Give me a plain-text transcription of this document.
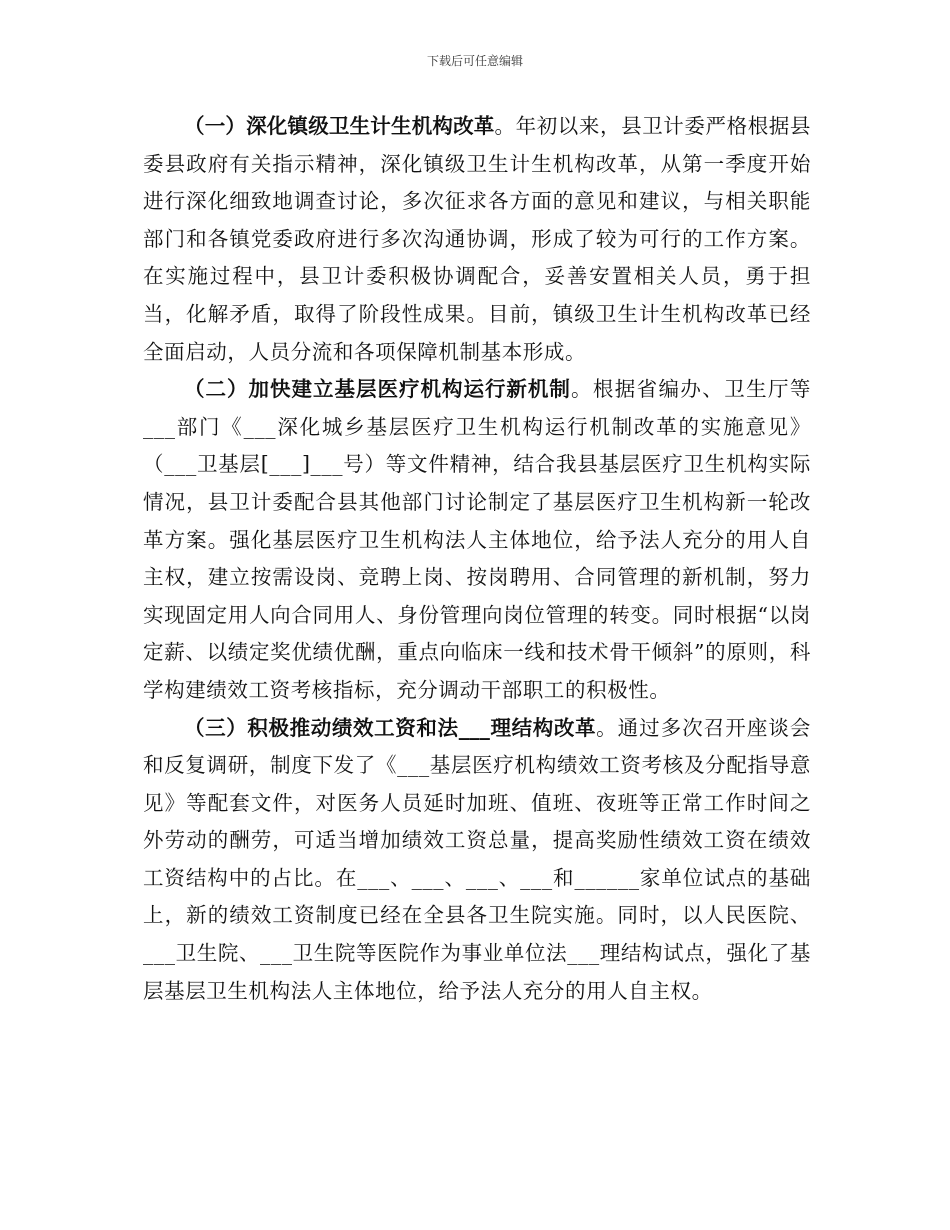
下载后可任意编辑

（一）深化镇级卫生计生机构改革。年初以来，县卫计委严格根据县委县政府有关指示精神，深化镇级卫生计生机构改革，从第一季度开始进行深化细致地调查讨论，多次征求各方面的意见和建议，与相关职能部门和各镇党委政府进行多次沟通协调，形成了较为可行的工作方案。在实施过程中，县卫计委积极协调配合，妥善安置相关人员，勇于担当，化解矛盾，取得了阶段性成果。目前，镇级卫生计生机构改革已经全面启动，人员分流和各项保障机制基本形成。

（二）加快建立基层医疗机构运行新机制。根据省编办、卫生厅等___部门《___深化城乡基层医疗卫生机构运行机制改革的实施意见》（___卫基层[___]___号）等文件精神，结合我县基层医疗卫生机构实际情况，县卫计委配合县其他部门讨论制定了基层医疗卫生机构新一轮改革方案。强化基层医疗卫生机构法人主体地位，给予法人充分的用人自主权，建立按需设岗、竞聘上岗、按岗聘用、合同管理的新机制，努力实现固定用人向合同用人、身份管理向岗位管理的转变。同时根据“以岗定薪、以绩定奖优绩优酬，重点向临床一线和技术骨干倾斜”的原则，科学构建绩效工资考核指标，充分调动干部职工的积极性。

（三）积极推动绩效工资和法___理结构改革。通过多次召开座谈会和反复调研，制度下发了《___基层医疗机构绩效工资考核及分配指导意见》等配套文件，对医务人员延时加班、值班、夜班等正常工作时间之外劳动的酬劳，可适当增加绩效工资总量，提高奖励性绩效工资在绩效工资结构中的占比。在___、___、___、___和______家单位试点的基础上，新的绩效工资制度已经在全县各卫生院实施。同时，以人民医院、___卫生院、___卫生院等医院作为事业单位法___理结构试点，强化了基层基层卫生机构法人主体地位，给予法人充分的用人自主权。
